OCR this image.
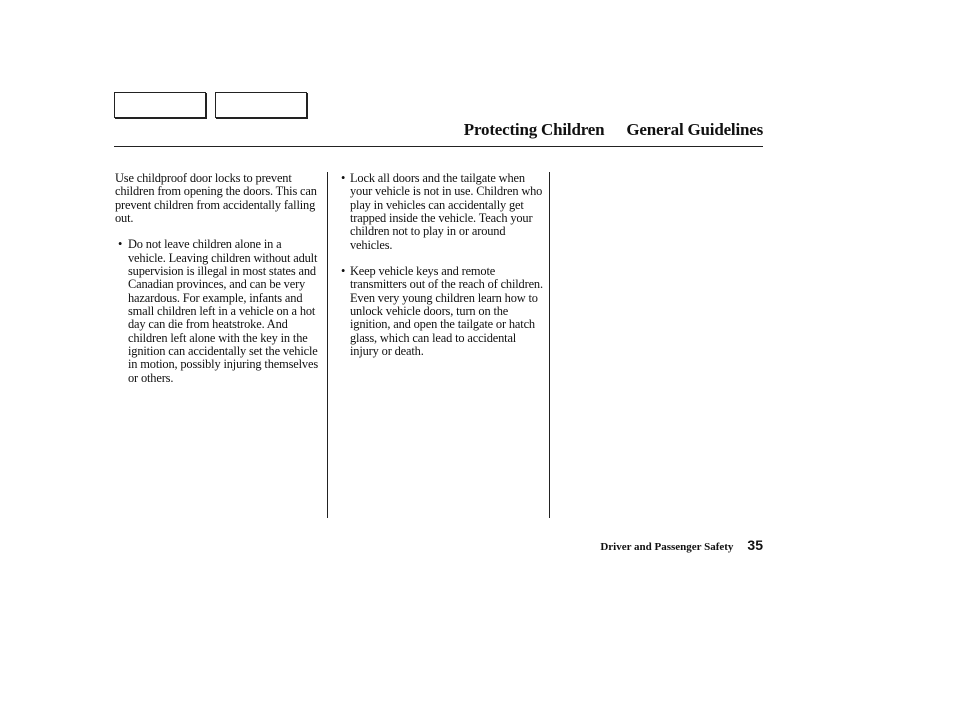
Protecting Children General Guidelines

Use childproof door locks to prevent children from opening the doors. This can prevent children from accidentally falling out.

• Do not leave children alone in a vehicle. Leaving children without adult supervision is illegal in most states and Canadian provinces, and can be very hazardous. For example, infants and small children left in a vehicle on a hot day can die from heatstroke. And children left alone with the key in the ignition can accidentally set the vehicle in motion, possibly injuring themselves or others.
• Lock all doors and the tailgate when your vehicle is not in use. Children who play in vehicles can accidentally get trapped inside the vehicle. Teach your children not to play in or around vehicles.
• Keep vehicle keys and remote transmitters out of the reach of children. Even very young children learn how to unlock vehicle doors, turn on the ignition, and open the tailgate or hatch glass, which can lead to accidental injury or death.
Driver and Passenger Safety 35
